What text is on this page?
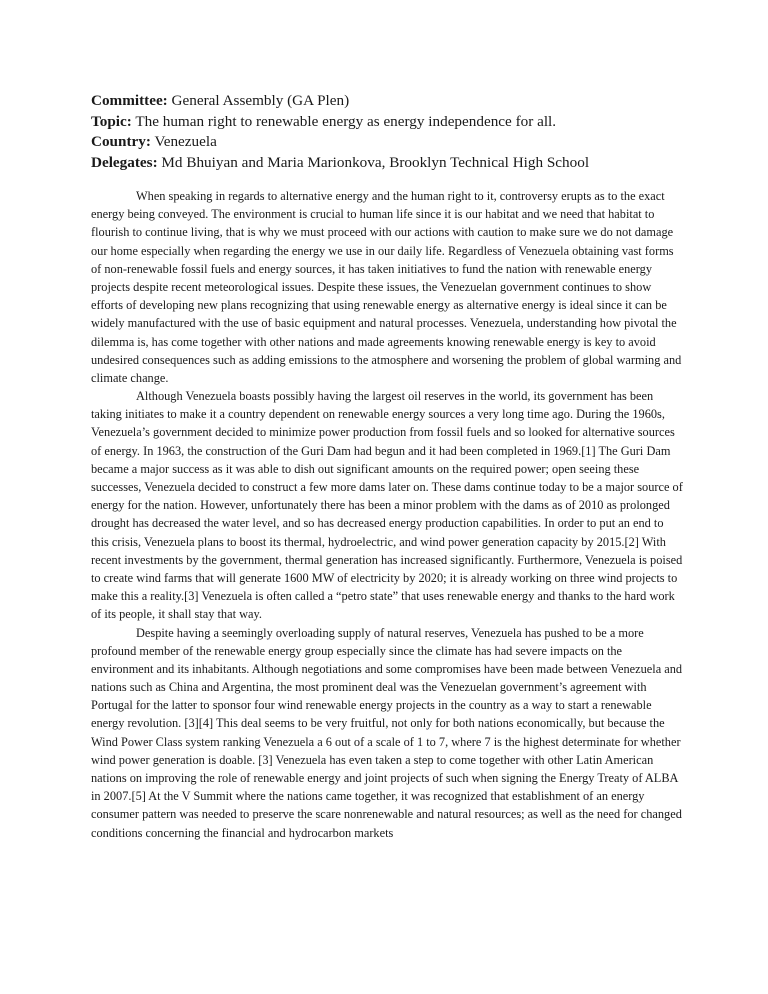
Committee: General Assembly (GA Plen)
Topic: The human right to renewable energy as energy independence for all.
Country: Venezuela
Delegates: Md Bhuiyan and Maria Marionkova, Brooklyn Technical High School

When speaking in regards to alternative energy and the human right to it, controversy erupts as to the exact energy being conveyed. The environment is crucial to human life since it is our habitat and we need that habitat to flourish to continue living, that is why we must proceed with our actions with caution to make sure we do not damage our home especially when regarding the energy we use in our daily life. Regardless of Venezuela obtaining vast forms of non-renewable fossil fuels and energy sources, it has taken initiatives to fund the nation with renewable energy projects despite recent meteorological issues. Despite these issues, the Venezuelan government continues to show efforts of developing new plans recognizing that using renewable energy as alternative energy is ideal since it can be widely manufactured with the use of basic equipment and natural processes. Venezuela, understanding how pivotal the dilemma is, has come together with other nations and made agreements knowing renewable energy is key to avoid undesired consequences such as adding emissions to the atmosphere and worsening the problem of global warming and climate change.

Although Venezuela boasts possibly having the largest oil reserves in the world, its government has been taking initiates to make it a country dependent on renewable energy sources a very long time ago. During the 1960s, Venezuela’s government decided to minimize power production from fossil fuels and so looked for alternative sources of energy. In 1963, the construction of the Guri Dam had begun and it had been completed in 1969.[1] The Guri Dam became a major success as it was able to dish out significant amounts on the required power; open seeing these successes, Venezuela decided to construct a few more dams later on. These dams continue today to be a major source of energy for the nation. However, unfortunately there has been a minor problem with the dams as of 2010 as prolonged drought has decreased the water level, and so has decreased energy production capabilities. In order to put an end to this crisis, Venezuela plans to boost its thermal, hydroelectric, and wind power generation capacity by 2015.[2] With recent investments by the government, thermal generation has increased significantly. Furthermore, Venezuela is poised to create wind farms that will generate 1600 MW of electricity by 2020; it is already working on three wind projects to make this a reality.[3] Venezuela is often called a “petro state” that uses renewable energy and thanks to the hard work of its people, it shall stay that way.

Despite having a seemingly overloading supply of natural reserves, Venezuela has pushed to be a more profound member of the renewable energy group especially since the climate has had severe impacts on the environment and its inhabitants. Although negotiations and some compromises have been made between Venezuela and nations such as China and Argentina, the most prominent deal was the Venezuelan government’s agreement with Portugal for the latter to sponsor four wind renewable energy projects in the country as a way to start a renewable energy revolution. [3][4] This deal seems to be very fruitful, not only for both nations economically, but because the Wind Power Class system ranking Venezuela a 6 out of a scale of 1 to 7, where 7 is the highest determinate for whether wind power generation is doable. [3] Venezuela has even taken a step to come together with other Latin American nations on improving the role of renewable energy and joint projects of such when signing the Energy Treaty of ALBA in 2007.[5] At the V Summit where the nations came together, it was recognized that establishment of an energy consumer pattern was needed to preserve the scare nonrenewable and natural resources; as well as the need for changed conditions concerning the financial and hydrocarbon markets
